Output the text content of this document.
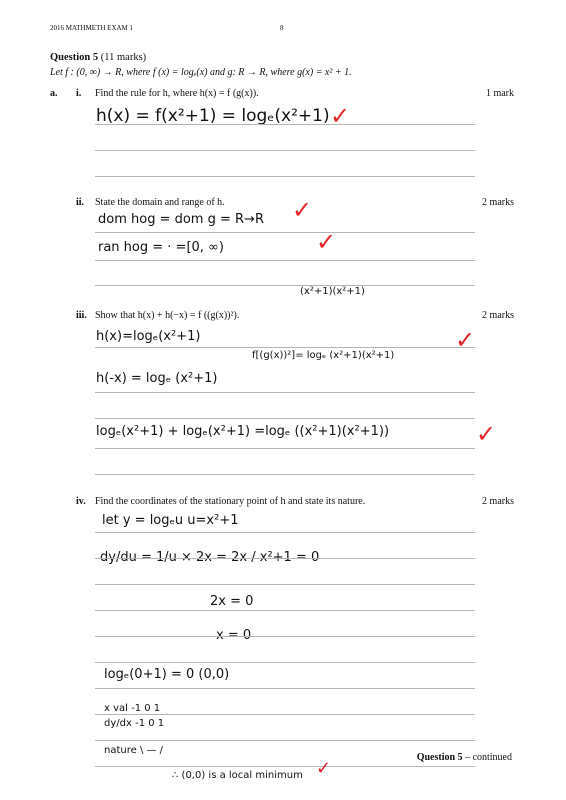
2016 MATHMETH EXAM 1	8
Question 5 (11 marks)
Let f : (0, ∞) → R, where f (x) = logₑ(x) and g: R → R, where g(x) = x² + 1.
a. i. Find the rule for h, where h(x) = f (g(x)).	1 mark
h(x) = f(x²+1) = logₑ(x²+1) ✓
ii. State the domain and range of h.	2 marks
dom hog = dom g = R→R ✓
ran hog = · =[0, ∞)	✓
(x²+1)(x²+1)
iii. Show that h(x) + h(−x) = f ((g(x))²).	2 marks
h(x)=logₑ(x²+1)
f[(g(x))²]= logₑ (x²+1)(x²+1)
✓
h(-x) = logₑ (x²+1)
logₑ(x²+1) + logₑ(x²+1) =logₑ ((x²+1)(x²+1))	✓
iv. Find the coordinates of the stationary point of h and state its nature.	2 marks
let y = logₑu u=x²+1
dy/du = 1/u × 2x = 2x / x²+1 = 0
2x = 0
x = 0
logₑ(0+1) = 0 (0,0)
x val -1 0 1
dy/dx -1 0 1
nature \ — /
∴ (0,0) is a local minimum ✓
Question 5 – continued
